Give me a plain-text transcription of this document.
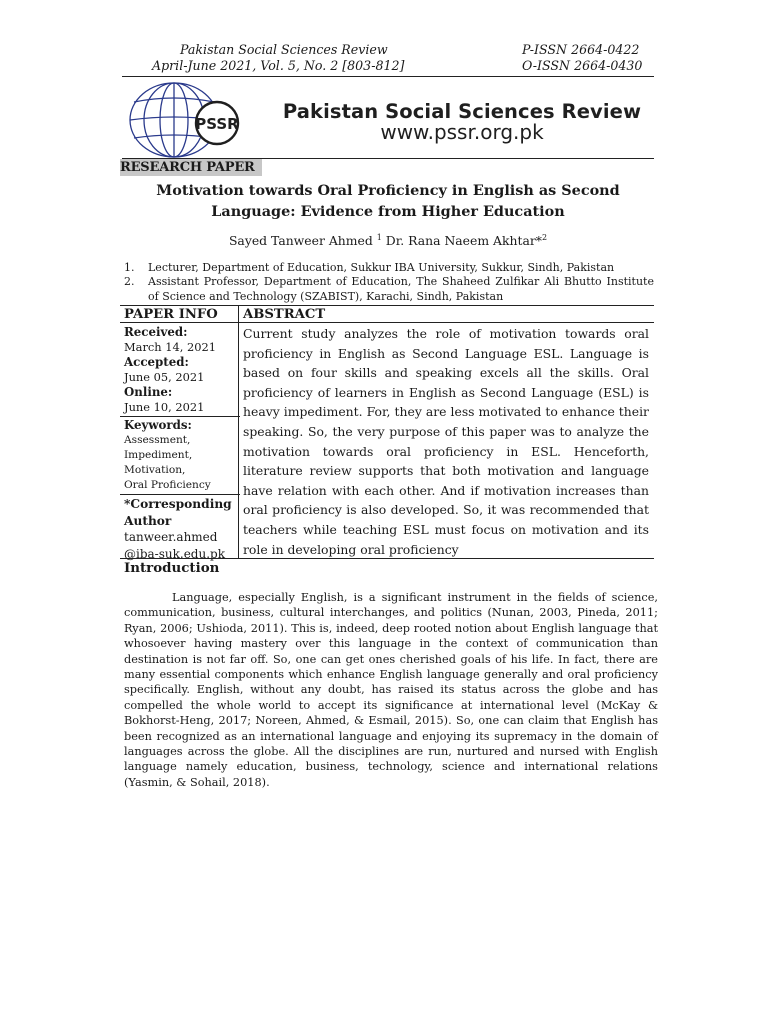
Pakistan Social Sciences Review
April-June 2021, Vol. 5, No. 2 [803-812]
P-ISSN 2664-0422
O-ISSN 2664-0430
PSSR
Pakistan Social Sciences Review
www.pssr.org.pk
RESEARCH PAPER
Motivation towards Oral Proficiency in English as Second
Language: Evidence from Higher Education
Sayed Tanweer Ahmed $^1$ Dr. Rana Naeem Akhtar*$^2$
1. Lecturer, Department of Education, Sukkur IBA University, Sukkur, Sindh, Pakistan
2. Assistant Professor, Department of Education, The Shaheed Zulfikar Ali Bhutto Institute of Science and Technology (SZABIST), Karachi, Sindh, Pakistan
PAPER INFO ABSTRACT
Received:
March 14, 2021
Accepted:
June 05, 2021
Online:
June 10, 2021
Keywords:
Assessment,
Impediment,
Motivation,
Oral Proficiency
*Corresponding
Author
tanweer.ahmed
@iba-suk.edu.pk
Current study analyzes the role of motivation towards oral proficiency in English as Second Language ESL. Language is based on four skills and speaking excels all the skills. Oral proficiency of learners in English as Second Language (ESL) is heavy impediment. For, they are less motivated to enhance their speaking. So, the very purpose of this paper was to analyze the motivation towards oral proficiency in ESL. Henceforth, literature review supports that both motivation and language have relation with each other. And if motivation increases than oral proficiency is also developed. So, it was recommended that teachers while teaching ESL must focus on motivation and its role in developing oral proficiency
Introduction
Language, especially English, is a significant instrument in the fields of science, communication, business, cultural interchanges, and politics (Nunan, 2003, Pineda, 2011; Ryan, 2006; Ushioda, 2011). This is, indeed, deep rooted notion about English language that whosoever having mastery over this language in the context of communication than destination is not far off. So, one can get ones cherished goals of his life. In fact, there are many essential components which enhance English language generally and oral proficiency specifically. English, without any doubt, has raised its status across the globe and has compelled the whole world to accept its significance at international level (McKay & Bokhorst-Heng, 2017; Noreen, Ahmed, & Esmail, 2015). So, one can claim that English has been recognized as an international language and enjoying its supremacy in the domain of languages across the globe. All the disciplines are run, nurtured and nursed with English language namely education, business, technology, science and international relations (Yasmin, & Sohail, 2018).
